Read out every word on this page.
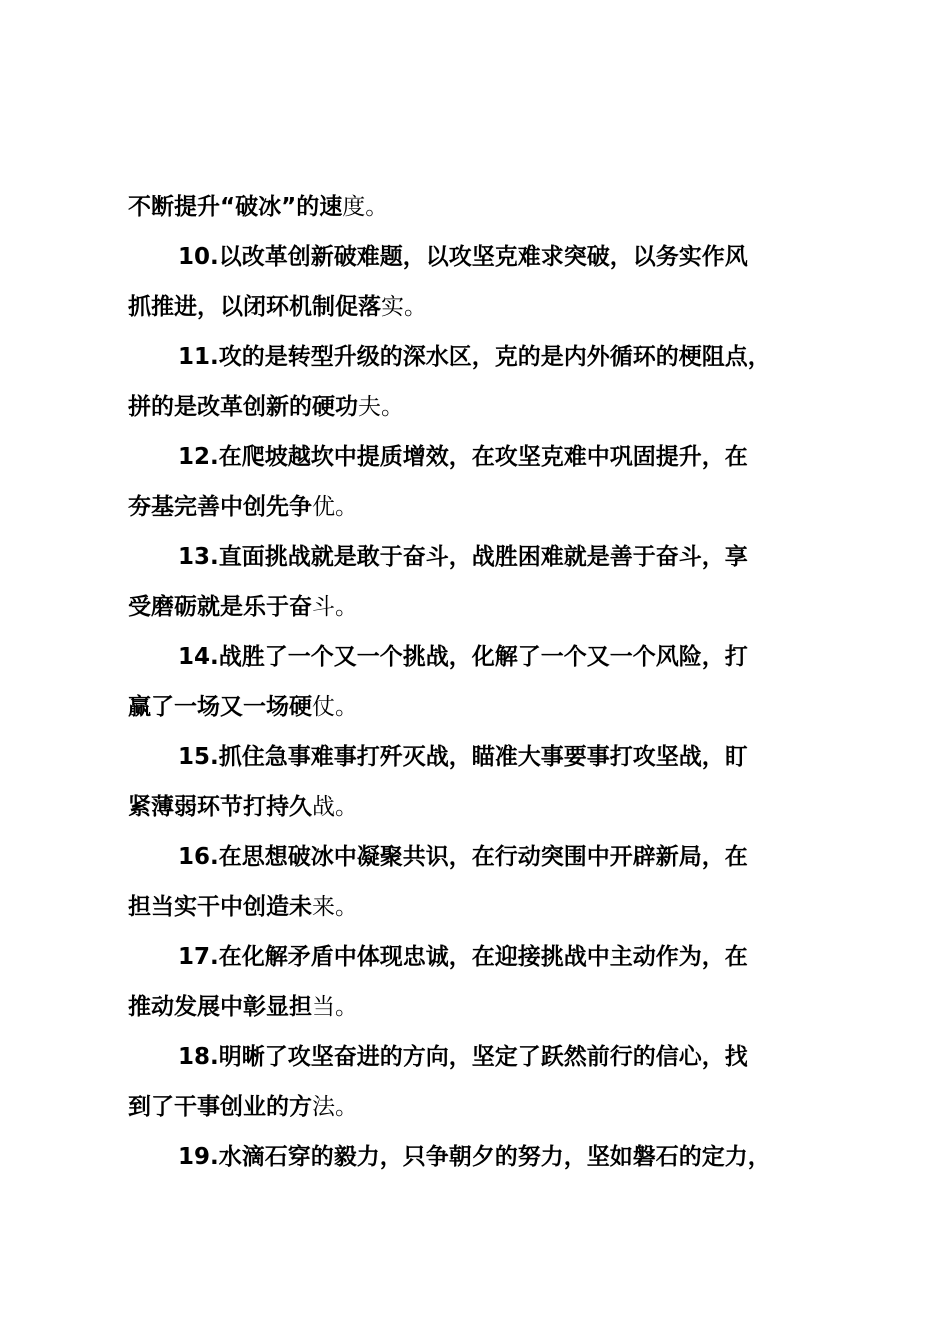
不断提升“破冰”的速度。
10.以改革创新破难题，以攻坚克难求突破，以务实作风
抓推进，以闭环机制促落实。
11.攻的是转型升级的深水区，克的是内外循环的梗阻点，
拼的是改革创新的硬功夫。
12.在爬坡越坎中提质增效，在攻坚克难中巩固提升，在
夯基完善中创先争优。
13.直面挑战就是敢于奋斗，战胜困难就是善于奋斗，享
受磨砺就是乐于奋斗。
14.战胜了一个又一个挑战，化解了一个又一个风险，打
赢了一场又一场硬仗。
15.抓住急事难事打歼灭战，瞄准大事要事打攻坚战，盯
紧薄弱环节打持久战。
16.在思想破冰中凝聚共识，在行动突围中开辟新局，在
担当实干中创造未来。
17.在化解矛盾中体现忠诚，在迎接挑战中主动作为，在
推动发展中彰显担当。
18.明晰了攻坚奋进的方向，坚定了跃然前行的信心，找
到了干事创业的方法。
19.水滴石穿的毅力，只争朝夕的努力，坚如磐石的定力，
